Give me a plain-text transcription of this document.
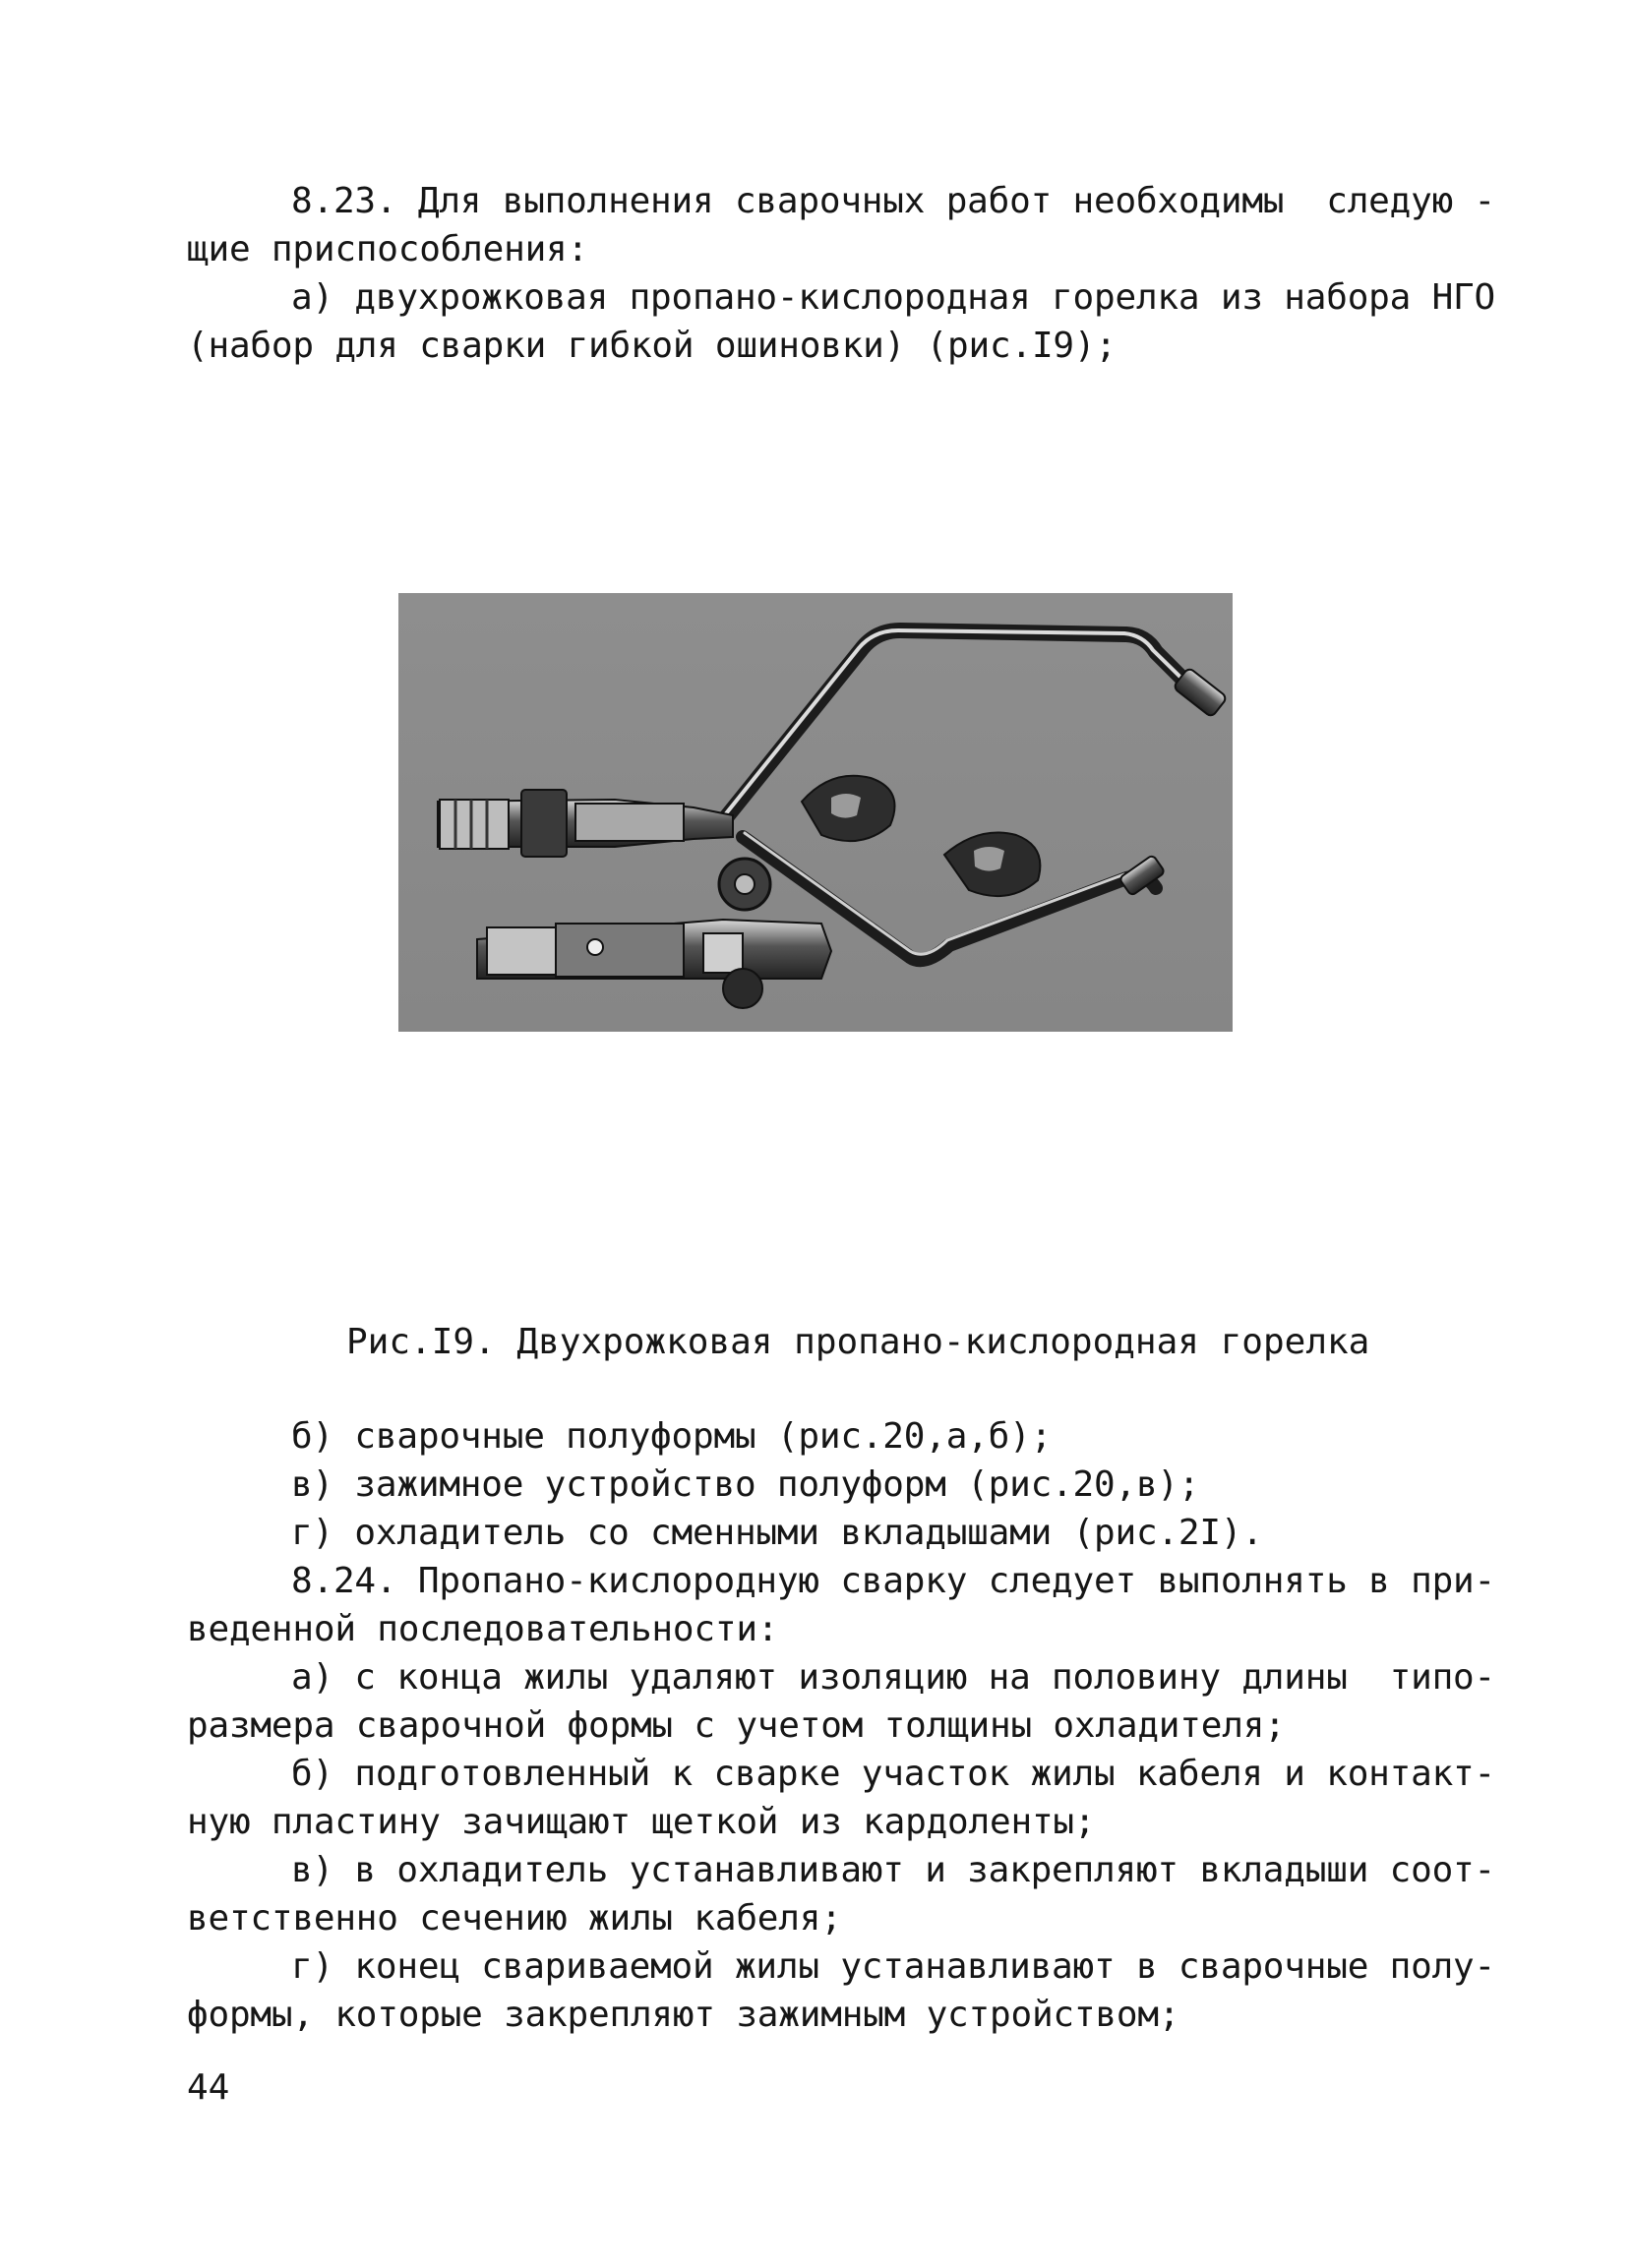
8.23. Для выполнения сварочных работ необходимы  следую -
щие приспособления:
а) двухрожковая пропано-кислородная горелка из набора НГО
(набор для сварки гибкой ошиновки) (рис.I9);
Рис.I9. Двухрожковая пропано-кислородная горелка
б) сварочные полуформы (рис.20,а,б);
в) зажимное устройство полуформ (рис.20,в);
г) охладитель со сменными вкладышами (рис.2I).
8.24. Пропано-кислородную сварку следует выполнять в при-
веденной последовательности:
а) с конца жилы удаляют изоляцию на половину длины  типо-
размера сварочной формы с учетом толщины охладителя;
б) подготовленный к сварке участок жилы кабеля и контакт-
ную пластину зачищают щеткой из кардоленты;
в) в охладитель устанавливают и закрепляют вкладыши соот-
ветственно сечению жилы кабеля;
г) конец свариваемой жилы устанавливают в сварочные полу-
формы, которые закрепляют зажимным устройством;
44
